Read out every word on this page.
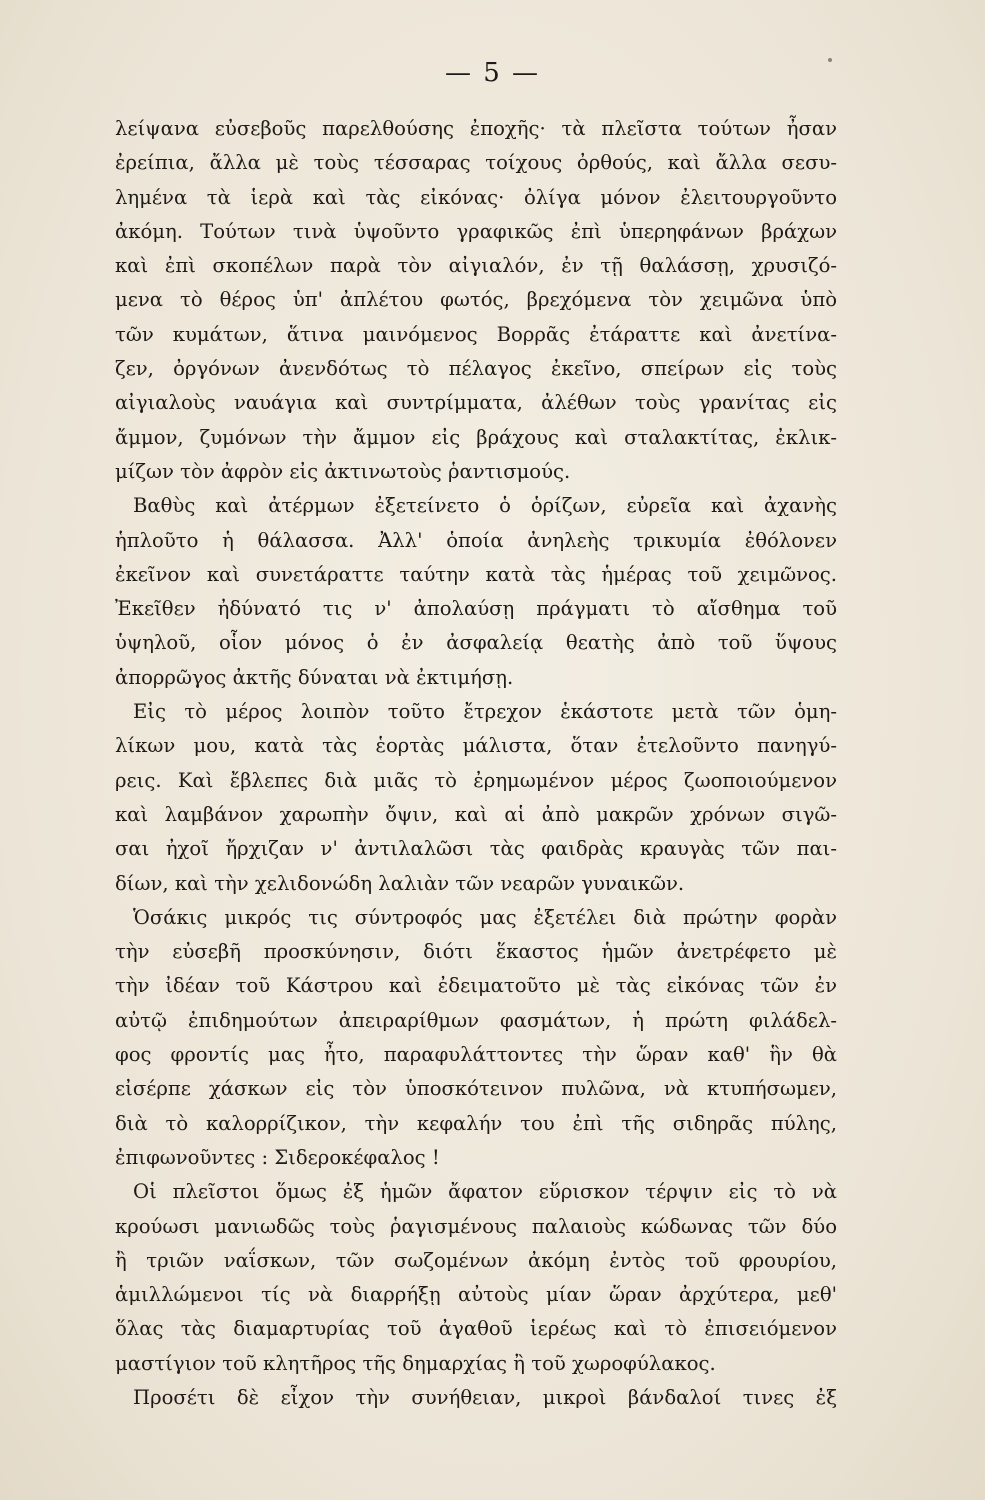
— 5 —
λείψανα εὐσεβοῦς παρελθούσης ἐποχῆς· τὰ πλεῖστα τούτων ἦσαν
ἐρείπια, ἄλλα μὲ τοὺς τέσσαρας τοίχους ὀρθούς, καὶ ἄλλα σεσυ-
λημένα τὰ ἱερὰ καὶ τὰς εἰκόνας· ὀλίγα μόνον ἐλειτουργοῦντο
ἀκόμη. Τούτων τινὰ ὑψοῦντο γραφικῶς ἐπὶ ὑπερηφάνων βράχων
καὶ ἐπὶ σκοπέλων παρὰ τὸν αἰγιαλόν, ἐν τῇ θαλάσσῃ, χρυσιζό-
μενα τὸ θέρος ὑπ' ἀπλέτου φωτός, βρεχόμενα τὸν χειμῶνα ὑπὸ
τῶν κυμάτων, ἅτινα μαινόμενος Βορρᾶς ἐτάραττε καὶ ἀνετίνα-
ζεν, ὀργόνων ἀνενδότως τὸ πέλαγος ἐκεῖνο, σπείρων εἰς τοὺς
αἰγιαλοὺς ναυάγια καὶ συντρίμματα, ἀλέθων τοὺς γρανίτας εἰς
ἄμμον, ζυμόνων τὴν ἄμμον εἰς βράχους καὶ σταλακτίτας, ἐκλικ-
μίζων τὸν ἀφρὸν εἰς ἀκτινωτοὺς ῥαντισμούς.
Βαθὺς καὶ ἀτέρμων ἐξετείνετο ὁ ὁρίζων, εὐρεῖα καὶ ἀχανὴς
ἡπλοῦτο ἡ θάλασσα. Ἀλλ' ὁποία ἀνηλεὴς τρικυμία ἐθόλονεν
ἐκεῖνον καὶ συνετάραττε ταύτην κατὰ τὰς ἡμέρας τοῦ χειμῶνος.
Ἐκεῖθεν ἠδύνατό τις ν' ἀπολαύσῃ πράγματι τὸ αἴσθημα τοῦ
ὑψηλοῦ, οἷον μόνος ὁ ἐν ἀσφαλείᾳ θεατὴς ἀπὸ τοῦ ὕψους
ἀπορρῶγος ἀκτῆς δύναται νὰ ἐκτιμήσῃ.
Εἰς τὸ μέρος λοιπὸν τοῦτο ἔτρεχον ἑκάστοτε μετὰ τῶν ὁμη-
λίκων μου, κατὰ τὰς ἑορτὰς μάλιστα, ὅταν ἐτελοῦντο πανηγύ-
ρεις. Καὶ ἔβλεπες διὰ μιᾶς τὸ ἐρημωμένον μέρος ζωοποιούμενον
καὶ λαμβάνον χαρωπὴν ὄψιν, καὶ αἱ ἀπὸ μακρῶν χρόνων σιγῶ-
σαι ἠχοῖ ἤρχιζαν ν' ἀντιλαλῶσι τὰς φαιδρὰς κραυγὰς τῶν παι-
δίων, καὶ τὴν χελιδονώδη λαλιὰν τῶν νεαρῶν γυναικῶν.
Ὁσάκις μικρός τις σύντροφός μας ἐξετέλει διὰ πρώτην φορὰν
τὴν εὐσεβῆ προσκύνησιν, διότι ἕκαστος ἡμῶν ἀνετρέφετο μὲ
τὴν ἰδέαν τοῦ Κάστρου καὶ ἐδειματοῦτο μὲ τὰς εἰκόνας τῶν ἐν
αὐτῷ ἐπιδημούτων ἀπειραρίθμων φασμάτων, ἡ πρώτη φιλάδελ-
φος φροντίς μας ἦτο, παραφυλάττοντες τὴν ὥραν καθ' ἣν θὰ
εἰσέρπε χάσκων εἰς τὸν ὑποσκότεινον πυλῶνα, νὰ κτυπήσωμεν,
διὰ τὸ καλορρίζικον, τὴν κεφαλήν του ἐπὶ τῆς σιδηρᾶς πύλης,
ἐπιφωνοῦντες : Σιδεροκέφαλος !
Οἱ πλεῖστοι ὅμως ἐξ ἡμῶν ἄφατον εὕρισκον τέρψιν εἰς τὸ νὰ
κρούωσι μανιωδῶς τοὺς ῥαγισμένους παλαιοὺς κώδωνας τῶν δύο
ἢ τριῶν ναΐσκων, τῶν σωζομένων ἀκόμη ἐντὸς τοῦ φρουρίου,
ἁμιλλώμενοι τίς νὰ διαρρήξῃ αὐτοὺς μίαν ὥραν ἀρχύτερα, μεθ'
ὅλας τὰς διαμαρτυρίας τοῦ ἀγαθοῦ ἱερέως καὶ τὸ ἐπισειόμενον
μαστίγιον τοῦ κλητῆρος τῆς δημαρχίας ἢ τοῦ χωροφύλακος.
Προσέτι δὲ εἶχον τὴν συνήθειαν, μικροὶ βάνδαλοί τινες ἐξ
